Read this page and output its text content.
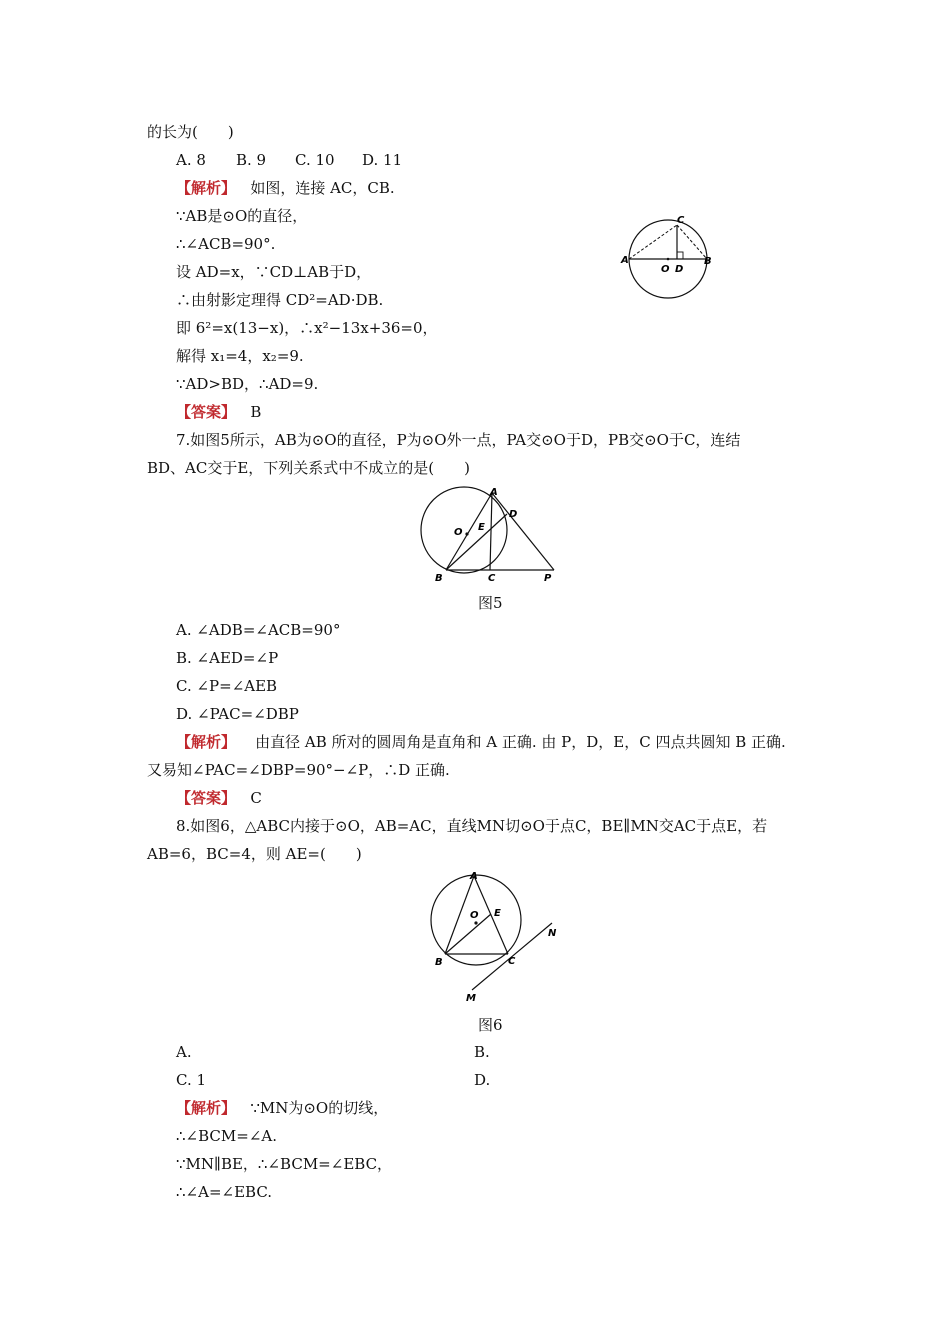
的长为(　　)
A. 8 B. 9 C. 10 D. 11
【解析】 如图，连接 AC，CB.
∵AB是⊙O的直径，
∴∠ACB=90°.
设 AD=x，∵CD⊥AB于D，
∴由射影定理得 CD²=AD·DB.
即 6²=x(13−x)，∴x²−13x+36=0，
解得 x₁=4，x₂=9.
∵AD>BD，∴AD=9.
【答案】 B
A	B
C
D
O
7.如图5所示，AB为⊙O的直径，P为⊙O外一点，PA交⊙O于D，PB交⊙O于C，连结
BD、AC交于E，下列关系式中不成立的是(　　)
A
B	C
D
E
O
P
图5
A. ∠ADB=∠ACB=90°
B. ∠AED=∠P
C. ∠P=∠AEB
D. ∠PAC=∠DBP
【解析】 由直径 AB 所对的圆周角是直角和 A 正确. 由 P，D，E，C 四点共圆知 B 正确.
又易知∠PAC=∠DBP=90°−∠P，∴D 正确.
【答案】 C
8.如图6，△ABC内接于⊙O，AB=AC，直线MN切⊙O于点C，BE∥MN交AC于点E，若
AB=6，BC=4，则 AE=(　　)
A
B	C
E
O
M
N
图6
A.	B.
C. 1	D.
【解析】 ∵MN为⊙O的切线，
∴∠BCM=∠A.
∵MN∥BE，∴∠BCM=∠EBC，
∴∠A=∠EBC.
